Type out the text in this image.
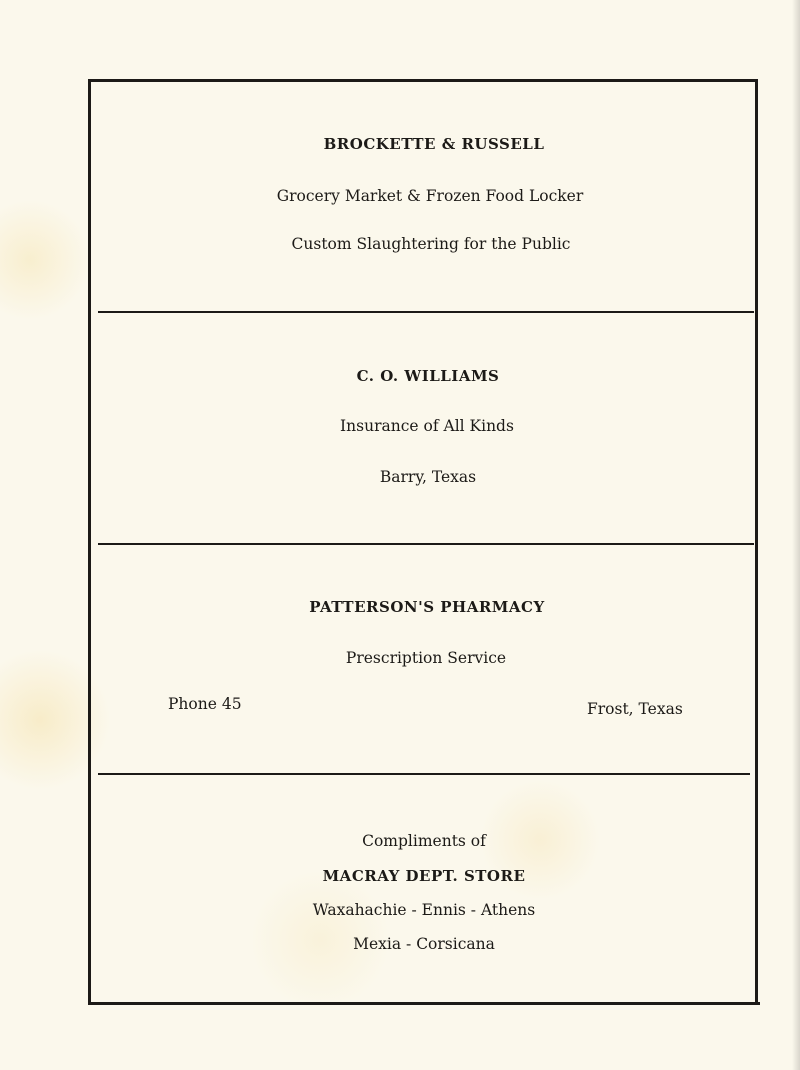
BROCKETTE & RUSSELL
Grocery Market & Frozen Food Locker
Custom Slaughtering for the Public
C. O. WILLIAMS
Insurance of All Kinds
Barry, Texas
PATTERSON'S PHARMACY
Prescription Service
Phone 45	Frost, Texas
Compliments of
MACRAY DEPT. STORE
Waxahachie - Ennis - Athens
Mexia - Corsicana
